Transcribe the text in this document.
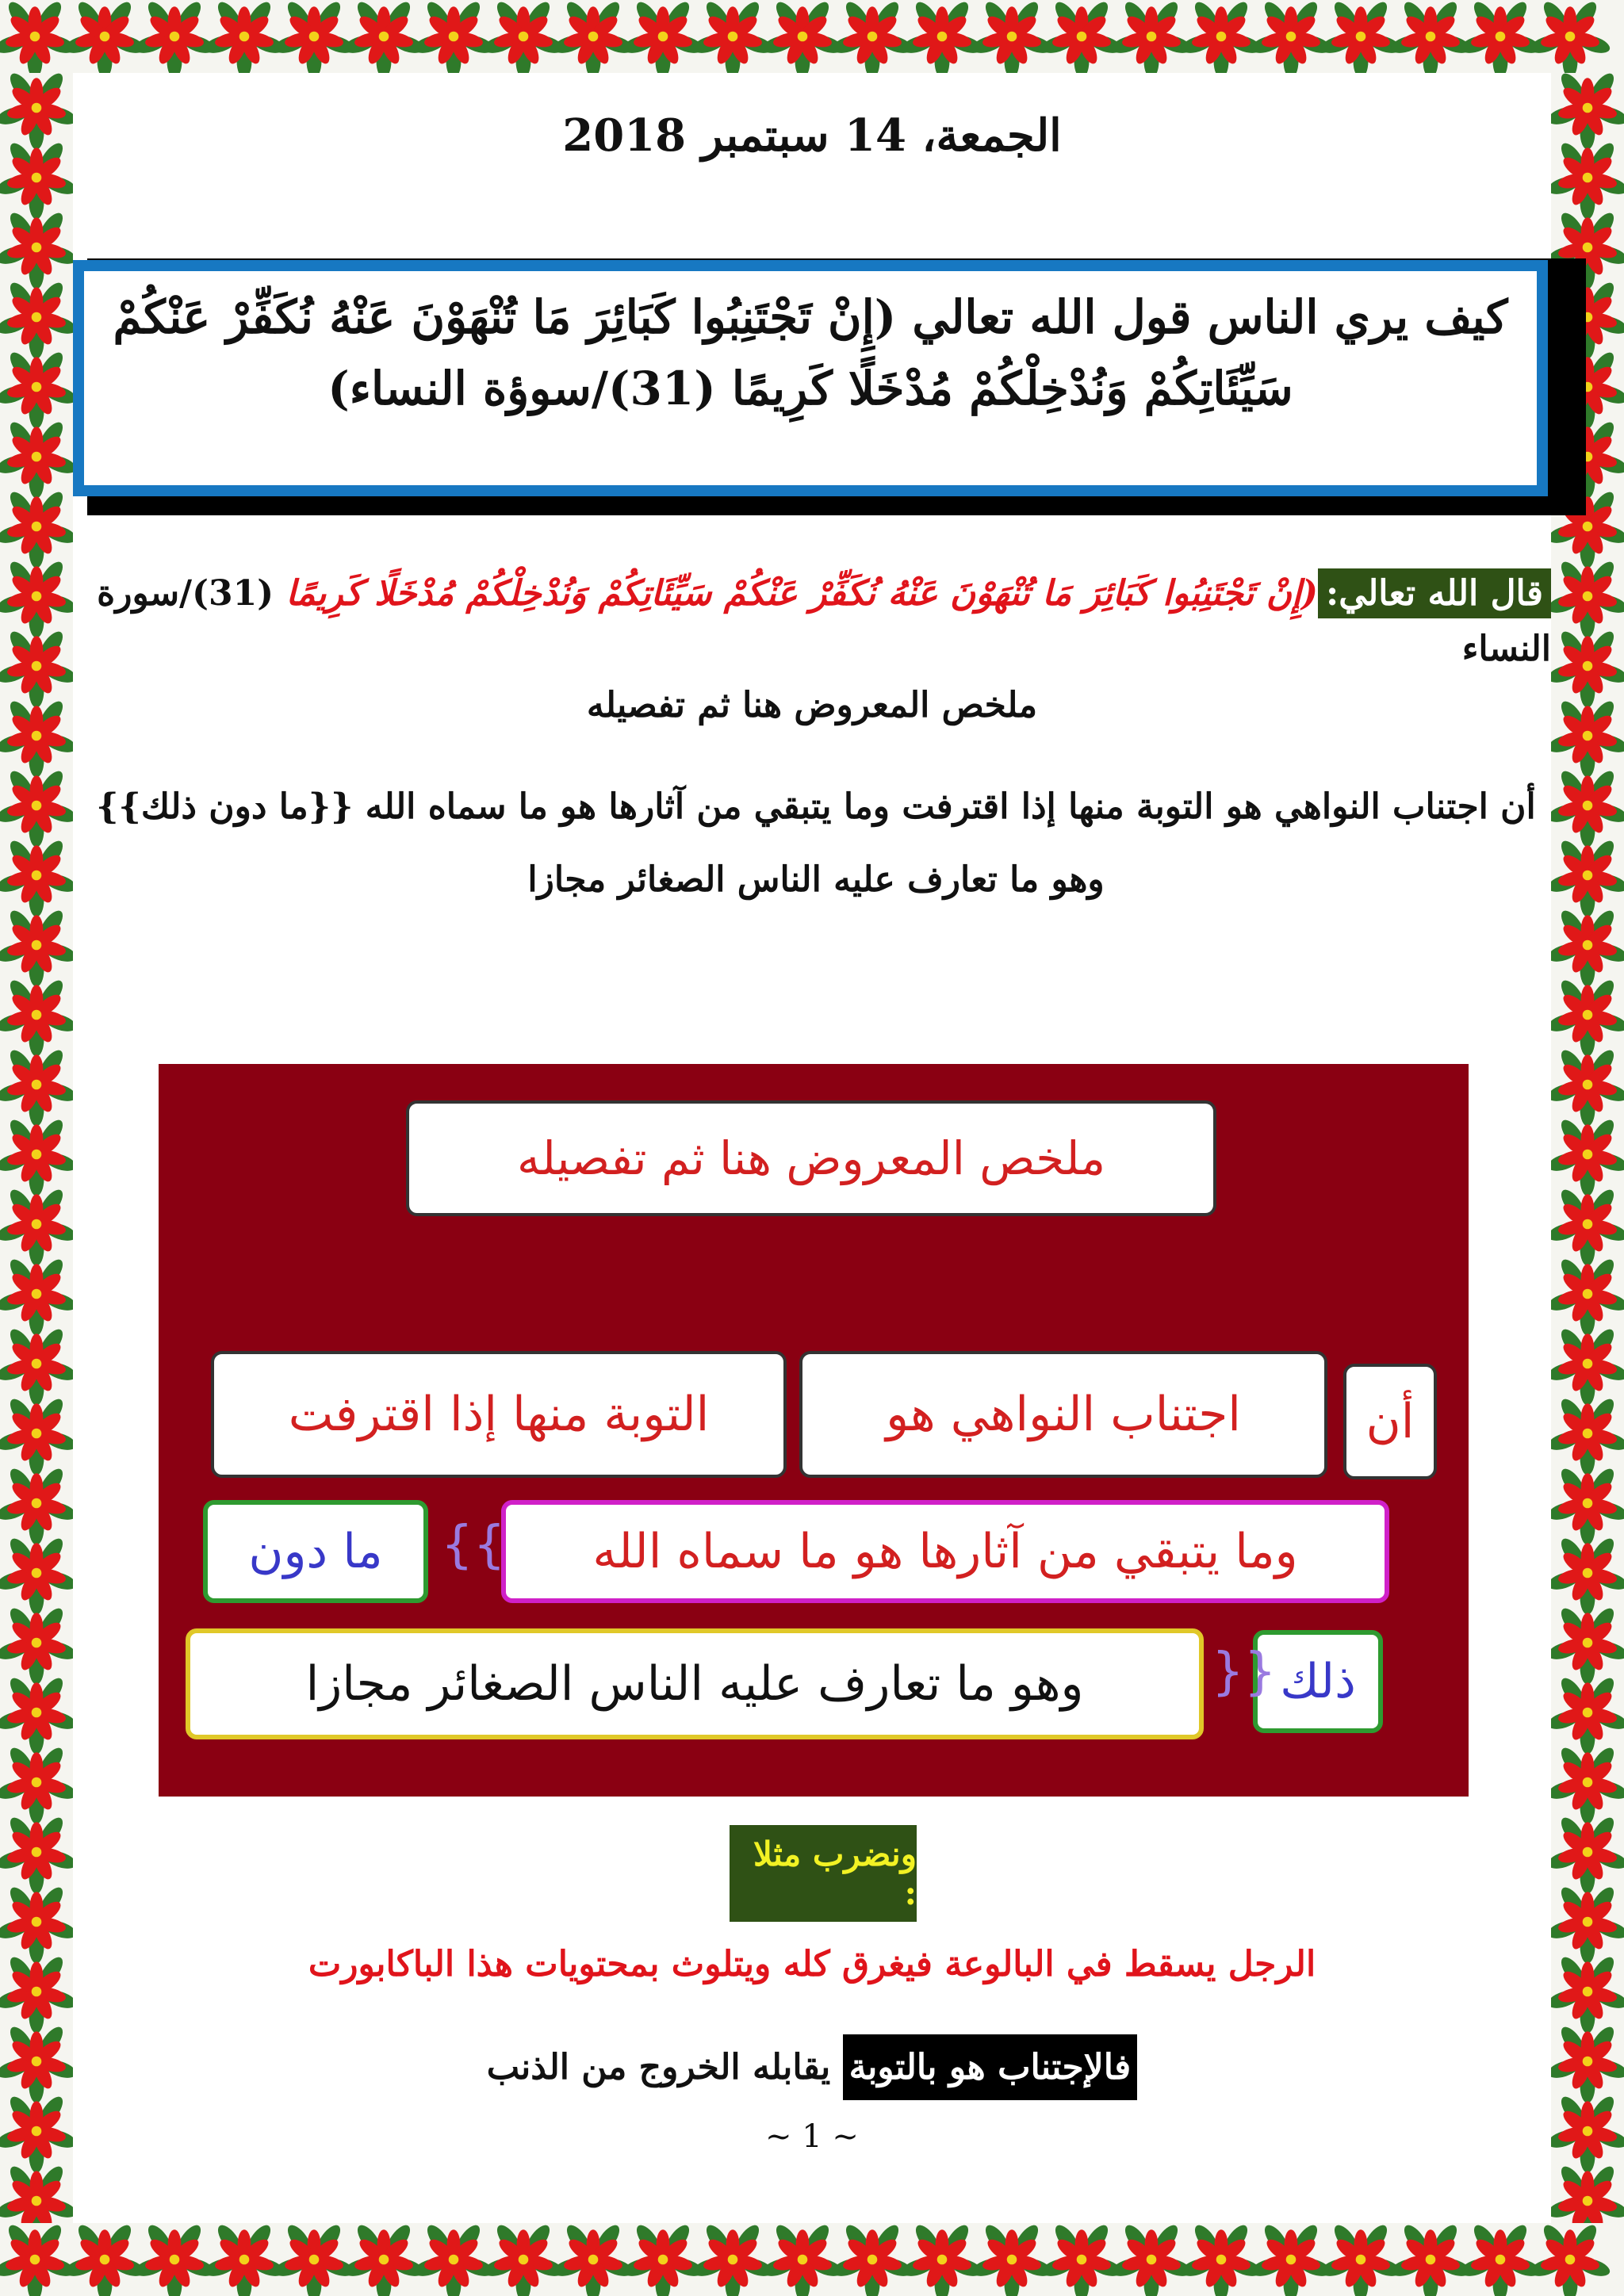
الجمعة، 14 سبتمبر 2018
كيف يري الناس قول الله تعالي (إِنْ تَجْتَنِبُوا كَبَائِرَ مَا تُنْهَوْنَ عَنْهُ نُكَفِّرْ عَنْكُمْ سَيِّئَاتِكُمْ وَنُدْخِلْكُمْ مُدْخَلًا كَرِيمًا (31)/سوؤة النساء)
قال الله تعالي:(إِنْ تَجْتَنِبُوا كَبَائِرَ مَا تُنْهَوْنَ عَنْهُ نُكَفِّرْ عَنْكُمْ سَيِّئَاتِكُمْ وَنُدْخِلْكُمْ مُدْخَلًا كَرِيمًا (31)/سورة النساء
ملخص المعروض هنا ثم تفصيله
أن اجتناب النواهي هو التوبة منها إذا اقترفت وما يتبقي من آثارها هو ما سماه الله {{ما دون ذلك}} وهو ما تعارف عليه الناس الصغائر مجازا
ملخص المعروض هنا ثم تفصيله
أن
اجتناب النواهي هو
التوبة منها إذا اقترفت
وما يتبقي من آثارها هو ما سماه الله
{{
ما دون
ذلك
}}
وهو ما تعارف عليه الناس الصغائر مجازا
ونضرب مثلا :
الرجل يسقط في البالوعة فيغرق كله ويتلوث بمحتويات هذا الباكابورت
فالإجتناب هو بالتوبة يقابله الخروج من الذنب
~ 1 ~
